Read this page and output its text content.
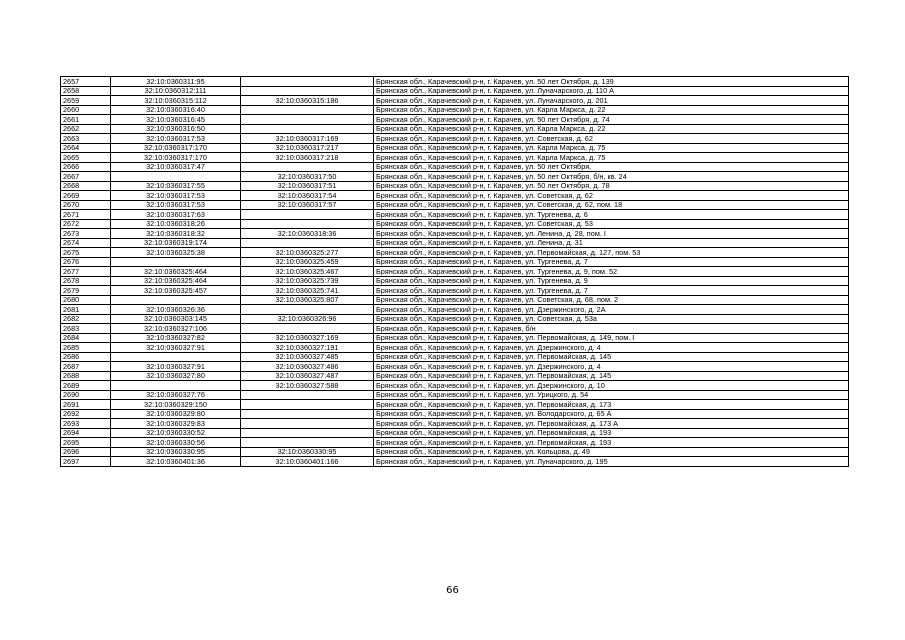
2657	32:10:0360311:95		Брянская обл., Карачевский р-н, г. Карачев, ул. 50 лет Октября, д. 139
2658	32:10:0360312:111		Брянская обл., Карачевский р-н, г. Карачев, ул. Луначарского, д. 110 А
2659	32:10:0360315:112	32:10:0360315:186	Брянская обл., Карачевский р-н, г. Карачев, ул. Луначарского, д. 201
2660	32:10:0360316:40		Брянская обл., Карачевский р-н, г. Карачев, ул. Карла Маркса, д. 22
2661	32:10:0360316:45		Брянская обл., Карачевский р-н, г. Карачев, ул. 50 лет Октября, д. 74
2662	32:10:0360316:50		Брянская обл., Карачевский р-н, г. Карачев, ул. Карла Маркса, д. 22
2663	32:10:0360317:53	32:10:0360317:169	Брянская обл., Карачевский р-н, г. Карачев, ул. Советская, д. 62
2664	32:10:0360317:170	32:10:0360317:217	Брянская обл., Карачевский р-н, г. Карачев, ул. Карла Маркса, д. 75
2665	32:10:0360317:170	32:10:0360317:218	Брянская обл., Карачевский р-н, г. Карачев, ул. Карла Маркса, д. 75
2666	32:10:0360317:47		Брянская обл., Карачевский р-н, г. Карачев, ул. 50 лет Октября,
2667		32:10:0360317:50	Брянская обл., Карачевский р-н, г. Карачев, ул. 50 лет Октября, б/н, кв. 24
2668	32:10:0360317:55	32:10:0360317:51	Брянская обл., Карачевский р-н, г. Карачев, ул. 50 лет Октября, д. 78
2669	32:10:0360317:53	32:10:0360317:54	Брянская обл., Карачевский р-н, г. Карачев, ул. Советская, д. 62
2670	32:10:0360317:53	32:10:0360317:57	Брянская обл., Карачевский р-н, г. Карачев, ул. Советская, д. 62, пом. 18
2671	32:10:0360317:63		Брянская обл., Карачевский р-н, г. Карачев, ул. Тургенева, д. 6
2672	32:10:0360318:26		Брянская обл., Карачевский р-н, г. Карачев, ул. Советская, д. 53
2673	32:10:0360318:32	32:10:0360318:36	Брянская обл., Карачевский р-н, г. Карачев, ул. Ленина, д. 28, пом. I
2674	32:10:0360319:174		Брянская обл., Карачевский р-н, г. Карачев, ул. Ленина, д. 31
2675	32:10:0360325:38	32:10:0360325:277	Брянская обл., Карачевский р-н, г. Карачев, ул. Первомайская, д. 127, пом. 53
2676		32:10:0360325:459	Брянская обл., Карачевский р-н, г. Карачев, ул. Тургенева, д. 7
2677	32:10:0360325:464	32:10:0360325:467	Брянская обл., Карачевский р-н, г. Карачев, ул. Тургенева, д. 9, пом. 52
2678	32:10:0360325:464	32:10:0360325:739	Брянская обл., Карачевский р-н, г. Карачев, ул. Тургенева, д. 9
2679	32:10:0360325:457	32:10:0360325:741	Брянская обл., Карачевский р-н, г. Карачев, ул. Тургенева, д. 7
2680		32:10:0360325:807	Брянская обл., Карачевский р-н, г. Карачев, ул. Советская, д. 68, пом. 2
2681	32:10:0360326:36		Брянская обл., Карачевский р-н, г. Карачев, ул. Дзержинского, д. 2А
2682	32:10:0360303:145	32:10:0360326:96	Брянская обл., Карачевский р-н, г. Карачев, ул. Советская, д. 53а
2683	32:10:0360327:106		Брянская обл., Карачевский р-н, г. Карачев, б/н
2684	32:10:0360327:82	32:10:0360327:169	Брянская обл., Карачевский р-н, г. Карачев, ул. Первомайская, д. 149, пом. I
2685	32:10:0360327:91	32:10:0360327:191	Брянская обл., Карачевский р-н, г. Карачев, ул. Дзержинского, д. 4
2686		32:10:0360327:485	Брянская обл., Карачевский р-н, г. Карачев, ул. Первомайская, д. 145
2687	32:10:0360327:91	32:10:0360327:486	Брянская обл., Карачевский р-н, г. Карачев, ул. Дзержинского, д. 4
2688	32:10:0360327:80	32:10:0360327:487	Брянская обл., Карачевский р-н, г. Карачев, ул. Первомайская, д. 145
2689		32:10:0360327:588	Брянская обл., Карачевский р-н, г. Карачев, ул. Дзержинского, д. 10
2690	32:10:0360327:76		Брянская обл., Карачевский р-н, г. Карачев, ул. Урицкого, д. 54
2691	32:10:0360329:150		Брянская обл., Карачевский р-н, г. Карачев, ул. Первомайская, д. 173
2692	32:10:0360329:80		Брянская обл., Карачевский р-н, г. Карачев, ул. Володарского, д. 65 А
2693	32:10:0360329:83		Брянская обл., Карачевский р-н, г. Карачев, ул. Первомайская, д. 173 А
2694	32:10:0360330:52		Брянская обл., Карачевский р-н, г. Карачев, ул. Первомайская, д. 193
2695	32:10:0360330:56		Брянская обл., Карачевский р-н, г. Карачев, ул. Первомайская, д. 193
2696	32:10:0360330:95	32:10:0360330:95	Брянская обл., Карачевский р-н, г. Карачев, ул. Кольцова, д. 49
2697	32:10:0360401:36	32:10:0360401:166	Брянская обл., Карачевский р-н, г. Карачев, ул. Луначарского, д. 195
66
